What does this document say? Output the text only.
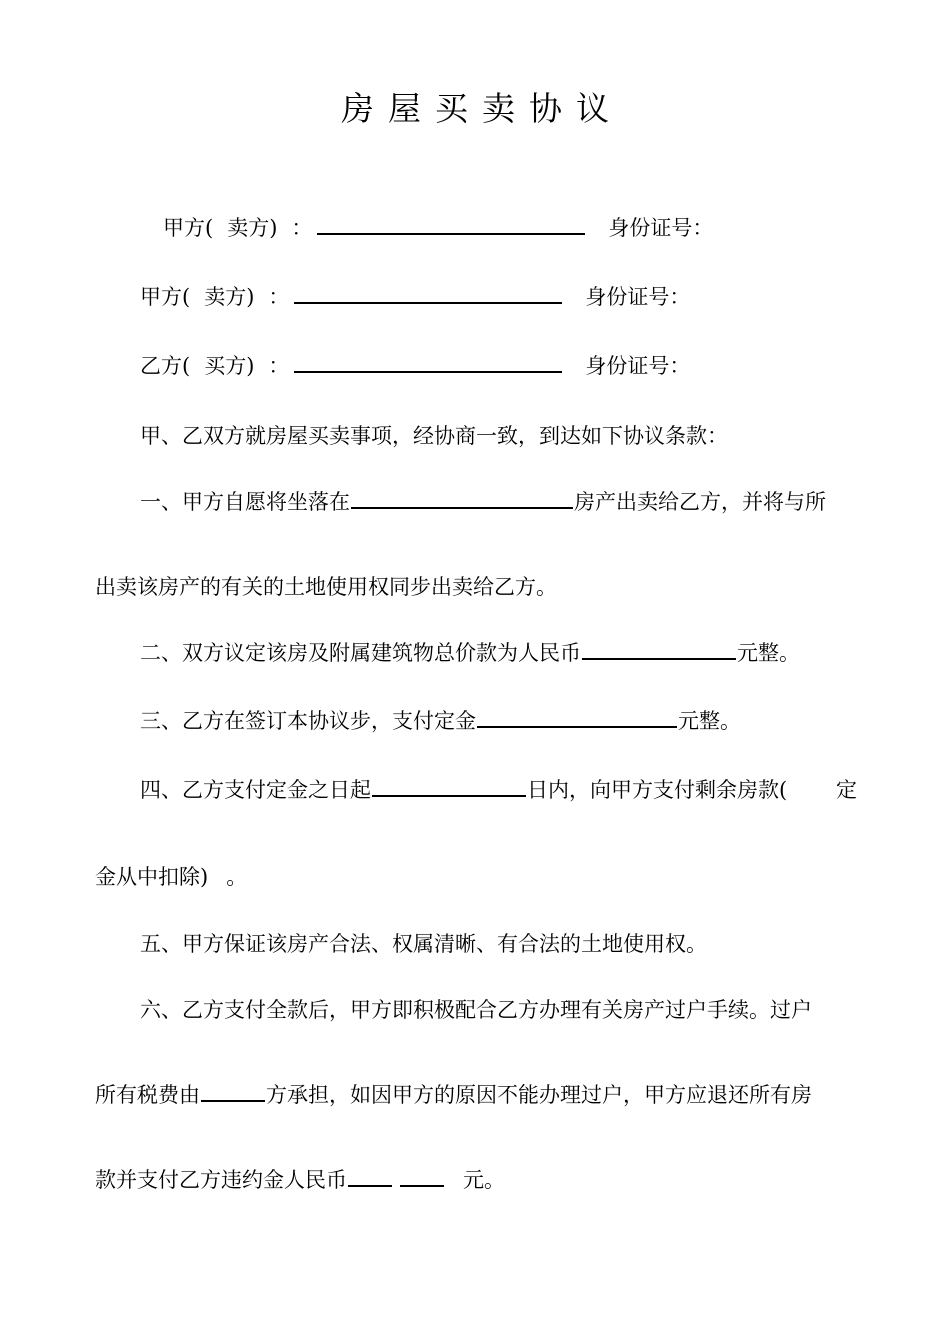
房屋买卖协议
甲方( 卖方) ：	身份证号：
甲方( 卖方) ：	身份证号：
乙方( 买方) ：	身份证号：
甲、乙双方就房屋买卖事项，经协商一致，到达如下协议条款：
一、甲方自愿将坐落在	房产出卖给乙方，并将与所
出卖该房产的有关的土地使用权同步出卖给乙方。
二、双方议定该房及附属建筑物总价款为人民币	元整。
三、乙方在签订本协议步，支付定金	元整。
四、乙方支付定金之日起	日内，向甲方支付剩余房款( 定
金从中扣除) 。
五、甲方保证该房产合法、权属清晰、有合法的土地使用权。
六、乙方支付全款后，甲方即积极配合乙方办理有关房产过户手续。过户
所有税费由	方承担，如因甲方的原因不能办理过户，甲方应退还所有房
款并支付乙方违约金人民币	元。
